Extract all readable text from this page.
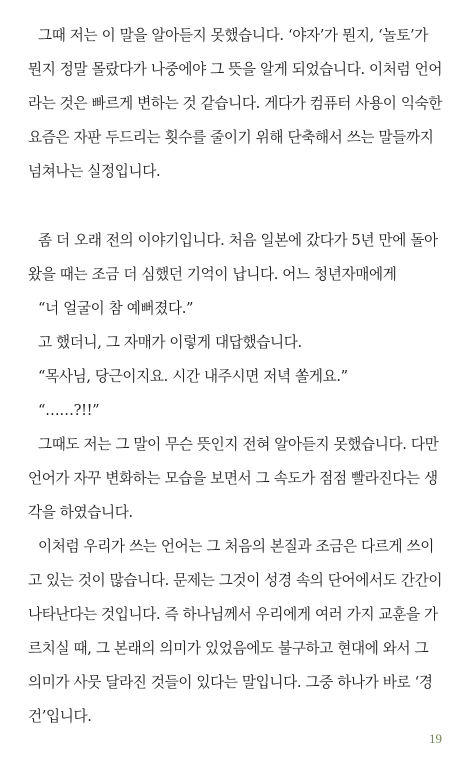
그때 저는 이 말을 알아듣지 못했습니다. ‘야자’가 뭔지, ‘놀토’가
뭔지 정말 몰랐다가 나중에야 그 뜻을 알게 되었습니다. 이처럼 언어
라는 것은 빠르게 변하는 것 같습니다. 게다가 컴퓨터 사용이 익숙한
요즘은 자판 두드리는 횟수를 줄이기 위해 단축해서 쓰는 말들까지
넘쳐나는 실정입니다.
좀 더 오래 전의 이야기입니다. 처음 일본에 갔다가 5년 만에 돌아
왔을 때는 조금 더 심했던 기억이 납니다. 어느 청년자매에게
“너 얼굴이 참 예뻐졌다.”
고 했더니, 그 자매가 이렇게 대답했습니다.
“목사님, 당근이지요. 시간 내주시면 저녁 쏠게요.”
“……?!!”
그때도 저는 그 말이 무슨 뜻인지 전혀 알아듣지 못했습니다. 다만
언어가 자꾸 변화하는 모습을 보면서 그 속도가 점점 빨라진다는 생
각을 하였습니다.
이처럼 우리가 쓰는 언어는 그 처음의 본질과 조금은 다르게 쓰이
고 있는 것이 많습니다. 문제는 그것이 성경 속의 단어에서도 간간이
나타난다는 것입니다. 즉 하나님께서 우리에게 여러 가지 교훈을 가
르치실 때, 그 본래의 의미가 있었음에도 불구하고 현대에 와서 그
의미가 사뭇 달라진 것들이 있다는 말입니다. 그중 하나가 바로 ‘경
건’입니다.
19
